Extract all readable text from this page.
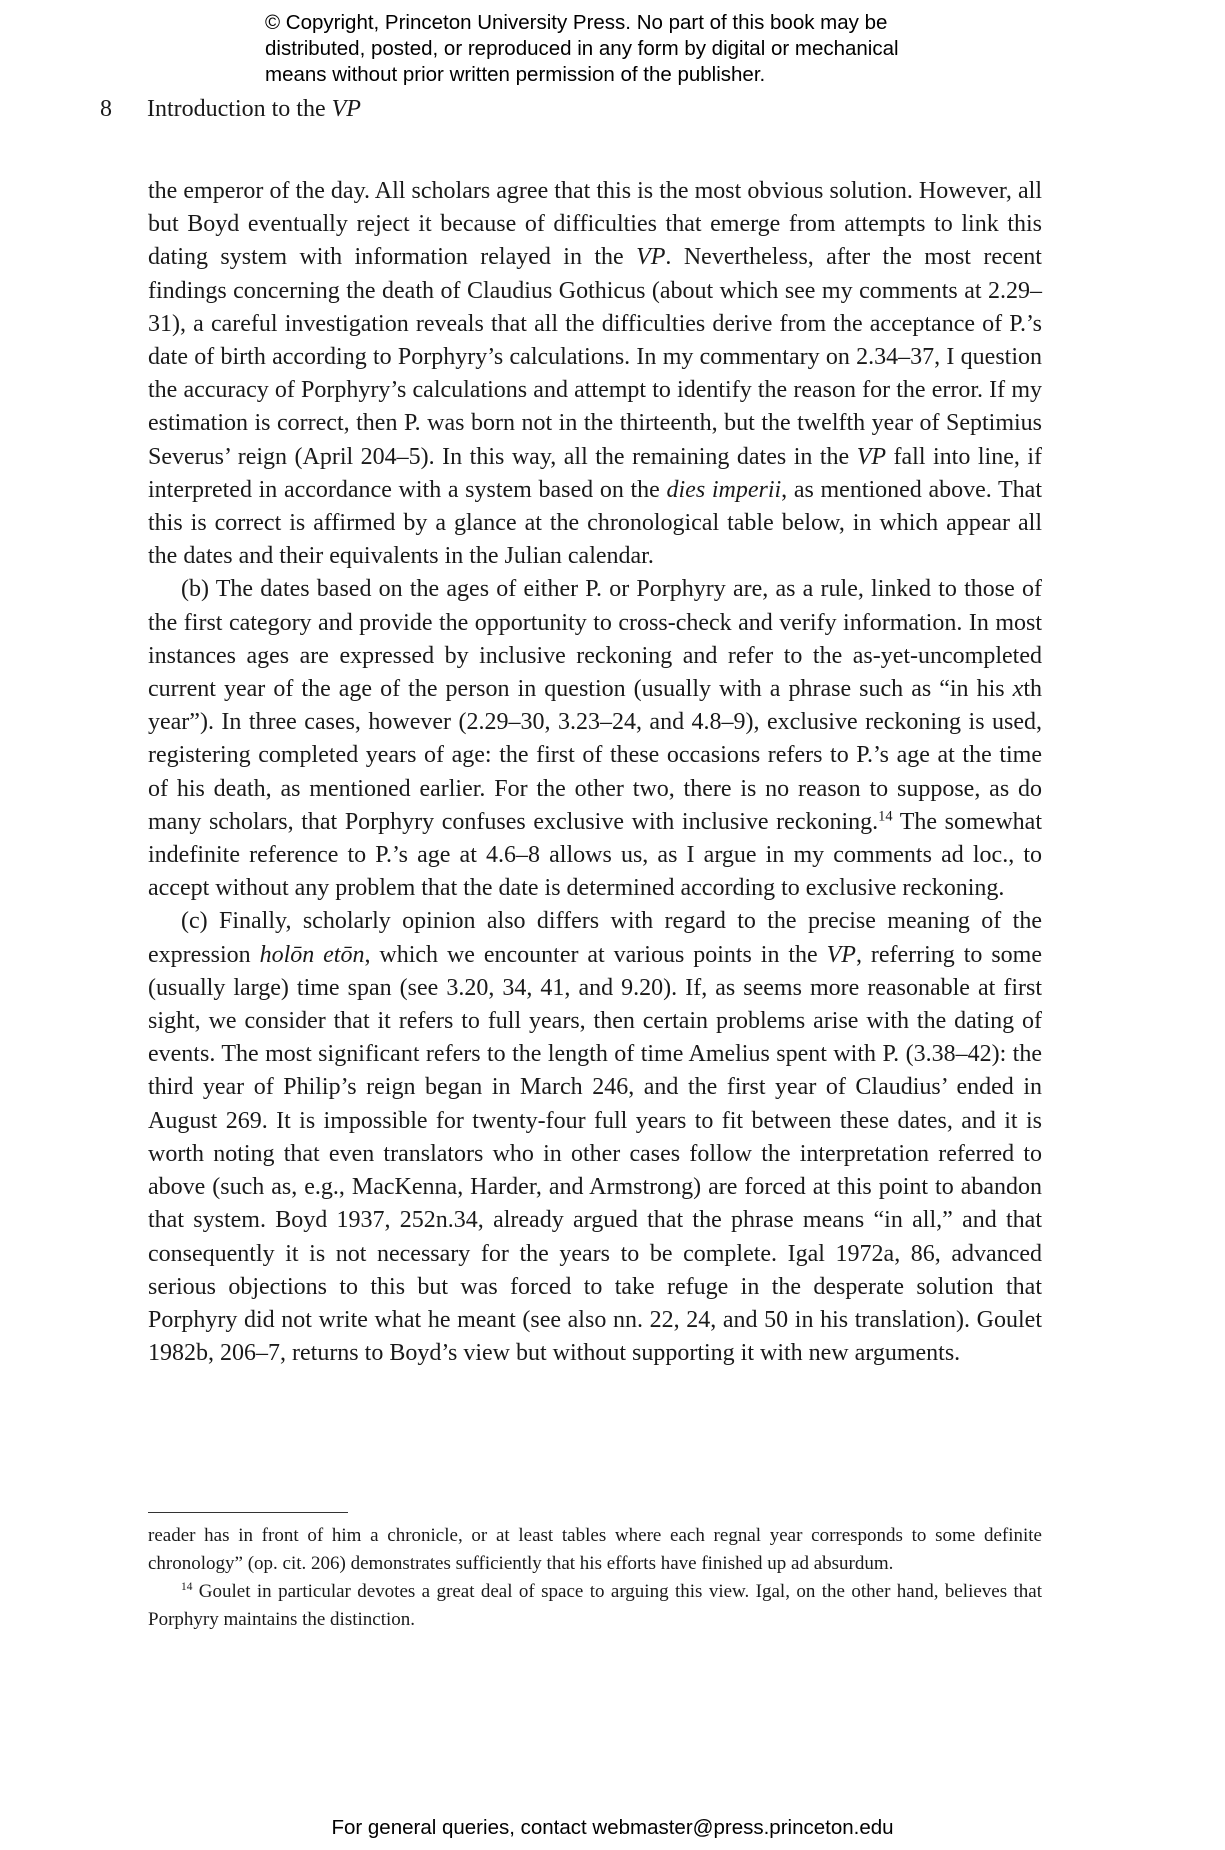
© Copyright, Princeton University Press. No part of this book may be
distributed, posted, or reproduced in any form by digital or mechanical
means without prior written permission of the publisher.
8 Introduction to the VP

the emperor of the day. All scholars agree that this is the most obvious solution. However, all but Boyd eventually reject it because of difficulties that emerge from attempts to link this dating system with information relayed in the VP. Nevertheless, after the most recent findings concerning the death of Claudius Gothicus (about which see my comments at 2.29–31), a careful investigation reveals that all the difficulties derive from the acceptance of P.’s date of birth according to Porphyry’s calculations. In my commentary on 2.34–37, I question the accuracy of Porphyry’s calculations and attempt to identify the reason for the error. If my estimation is correct, then P. was born not in the thirteenth, but the twelfth year of Septimius Severus’ reign (April 204–5). In this way, all the remaining dates in the VP fall into line, if interpreted in accordance with a system based on the dies imperii, as mentioned above. That this is correct is affirmed by a glance at the chronological table below, in which appear all the dates and their equivalents in the Julian calendar.

(b) The dates based on the ages of either P. or Porphyry are, as a rule, linked to those of the first category and provide the opportunity to cross-check and verify information. In most instances ages are expressed by inclusive reckoning and refer to the as-yet-uncompleted current year of the age of the person in question (usually with a phrase such as “in his xth year”). In three cases, however (2.29–30, 3.23–24, and 4.8–9), exclusive reckoning is used, registering completed years of age: the first of these occasions refers to P.’s age at the time of his death, as mentioned earlier. For the other two, there is no reason to suppose, as do many scholars, that Porphyry confuses exclusive with inclusive reckoning.$^{14}$ The somewhat indefinite reference to P.’s age at 4.6–8 allows us, as I argue in my comments ad loc., to accept without any problem that the date is determined according to exclusive reckoning.

(c) Finally, scholarly opinion also differs with regard to the precise meaning of the expression holōn etōn, which we encounter at various points in the VP, referring to some (usually large) time span (see 3.20, 34, 41, and 9.20). If, as seems more reasonable at first sight, we consider that it refers to full years, then certain problems arise with the dating of events. The most significant refers to the length of time Amelius spent with P. (3.38–42): the third year of Philip’s reign began in March 246, and the first year of Claudius’ ended in August 269. It is impossible for twenty-four full years to fit between these dates, and it is worth noting that even translators who in other cases follow the interpretation referred to above (such as, e.g., MacKenna, Harder, and Armstrong) are forced at this point to abandon that system. Boyd 1937, 252n.34, already argued that the phrase means “in all,” and that consequently it is not necessary for the years to be complete. Igal 1972a, 86, advanced serious objections to this but was forced to take refuge in the desperate solution that Porphyry did not write what he meant (see also nn. 22, 24, and 50 in his translation). Goulet 1982b, 206–7, returns to Boyd’s view but without supporting it with new arguments.

reader has in front of him a chronicle, or at least tables where each regnal year corresponds to some definite chronology” (op. cit. 206) demonstrates sufficiently that his efforts have finished up ad absurdum.

$^{14}$ Goulet in particular devotes a great deal of space to arguing this view. Igal, on the other hand, believes that Porphyry maintains the distinction.

For general queries, contact webmaster@press.princeton.edu
